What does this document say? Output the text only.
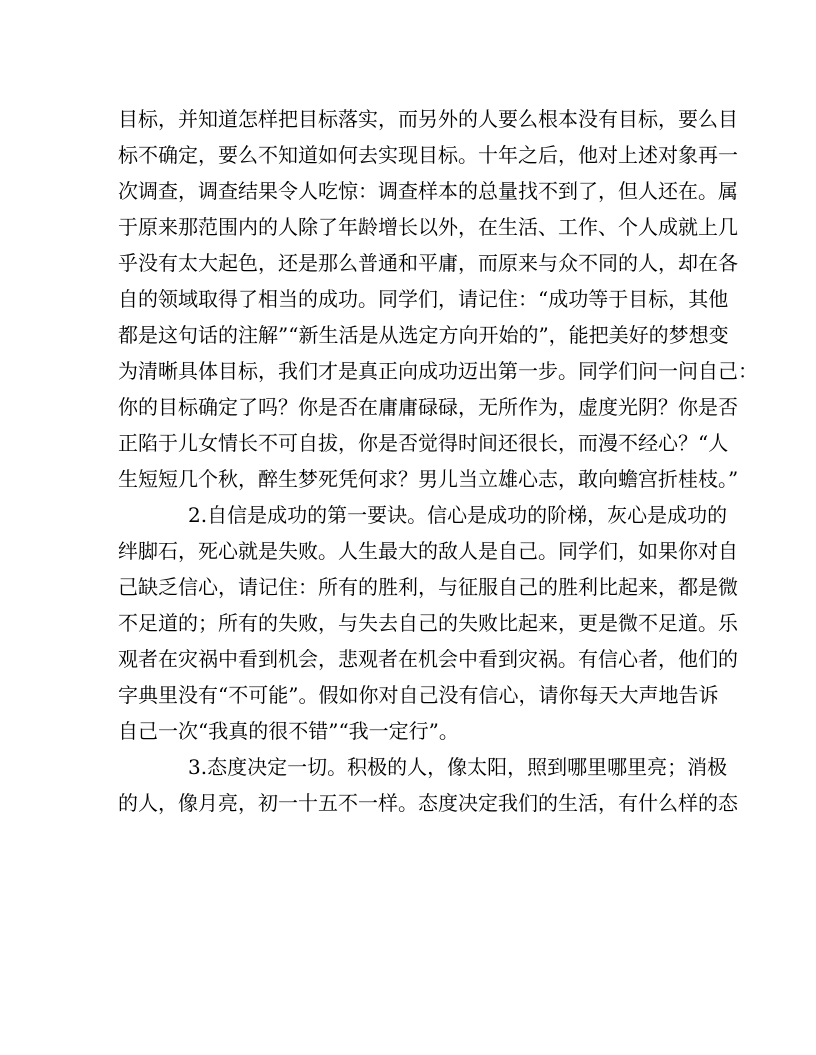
目标，并知道怎样把目标落实，而另外的人要么根本没有目标，要么目
标不确定，要么不知道如何去实现目标。十年之后，他对上述对象再一
次调查，调查结果令人吃惊：调查样本的总量找不到了，但人还在。属
于原来那范围内的人除了年龄增长以外，在生活、工作、个人成就上几
乎没有太大起色，还是那么普通和平庸，而原来与众不同的人，却在各
自的领域取得了相当的成功。同学们，请记住：“成功等于目标，其他
都是这句话的注解”“新生活是从选定方向开始的”，能把美好的梦想变
为清晰具体目标，我们才是真正向成功迈出第一步。同学们问一问自己：
你的目标确定了吗？你是否在庸庸碌碌，无所作为，虚度光阴？你是否
正陷于儿女情长不可自拔，你是否觉得时间还很长，而漫不经心？“人
生短短几个秋，醉生梦死凭何求？男儿当立雄心志，敢向蟾宫折桂枝。”
2.自信是成功的第一要诀。信心是成功的阶梯，灰心是成功的
绊脚石，死心就是失败。人生最大的敌人是自己。同学们，如果你对自
己缺乏信心，请记住：所有的胜利，与征服自己的胜利比起来，都是微
不足道的；所有的失败，与失去自己的失败比起来，更是微不足道。乐
观者在灾祸中看到机会，悲观者在机会中看到灾祸。有信心者，他们的
字典里没有“不可能”。假如你对自己没有信心，请你每天大声地告诉
自己一次“我真的很不错”“我一定行”。
3.态度决定一切。积极的人，像太阳，照到哪里哪里亮；消极
的人，像月亮，初一十五不一样。态度决定我们的生活，有什么样的态
